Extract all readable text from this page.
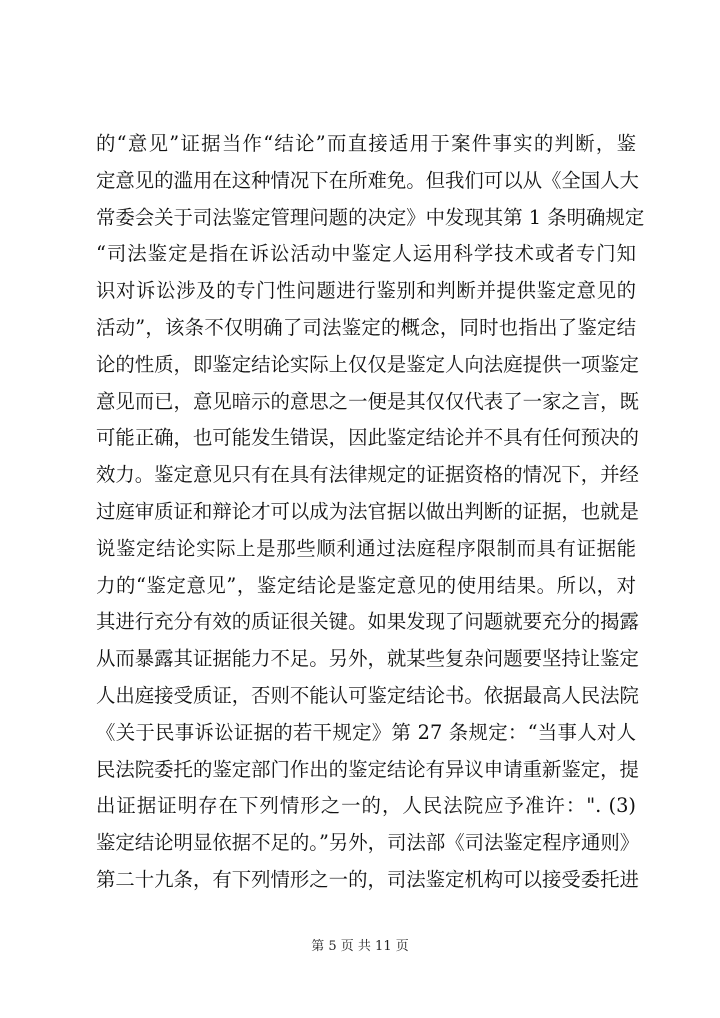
的“意见”证据当作“结论”而直接适用于案件事实的判断，鉴
定意见的滥用在这种情况下在所难免。但我们可以从《全国人大
常委会关于司法鉴定管理问题的决定》中发现其第 1 条明确规定
“司法鉴定是指在诉讼活动中鉴定人运用科学技术或者专门知
识对诉讼涉及的专门性问题进行鉴别和判断并提供鉴定意见的
活动”，该条不仅明确了司法鉴定的概念，同时也指出了鉴定结
论的性质，即鉴定结论实际上仅仅是鉴定人向法庭提供一项鉴定
意见而已，意见暗示的意思之一便是其仅仅代表了一家之言，既
可能正确，也可能发生错误，因此鉴定结论并不具有任何预决的
效力。鉴定意见只有在具有法律规定的证据资格的情况下，并经
过庭审质证和辩论才可以成为法官据以做出判断的证据，也就是
说鉴定结论实际上是那些顺利通过法庭程序限制而具有证据能
力的“鉴定意见”，鉴定结论是鉴定意见的使用结果。所以，对
其进行充分有效的质证很关键。如果发现了问题就要充分的揭露
从而暴露其证据能力不足。另外，就某些复杂问题要坚持让鉴定
人出庭接受质证，否则不能认可鉴定结论书。依据最高人民法院
《关于民事诉讼证据的若干规定》第 27 条规定：“当事人对人
民法院委托的鉴定部门作出的鉴定结论有异议申请重新鉴定，提
出证据证明存在下列情形之一的，人民法院应予准许：". (3)
鉴定结论明显依据不足的。”另外，司法部《司法鉴定程序通则》
第二十九条，有下列情形之一的，司法鉴定机构可以接受委托进
第 5 页 共 11 页
